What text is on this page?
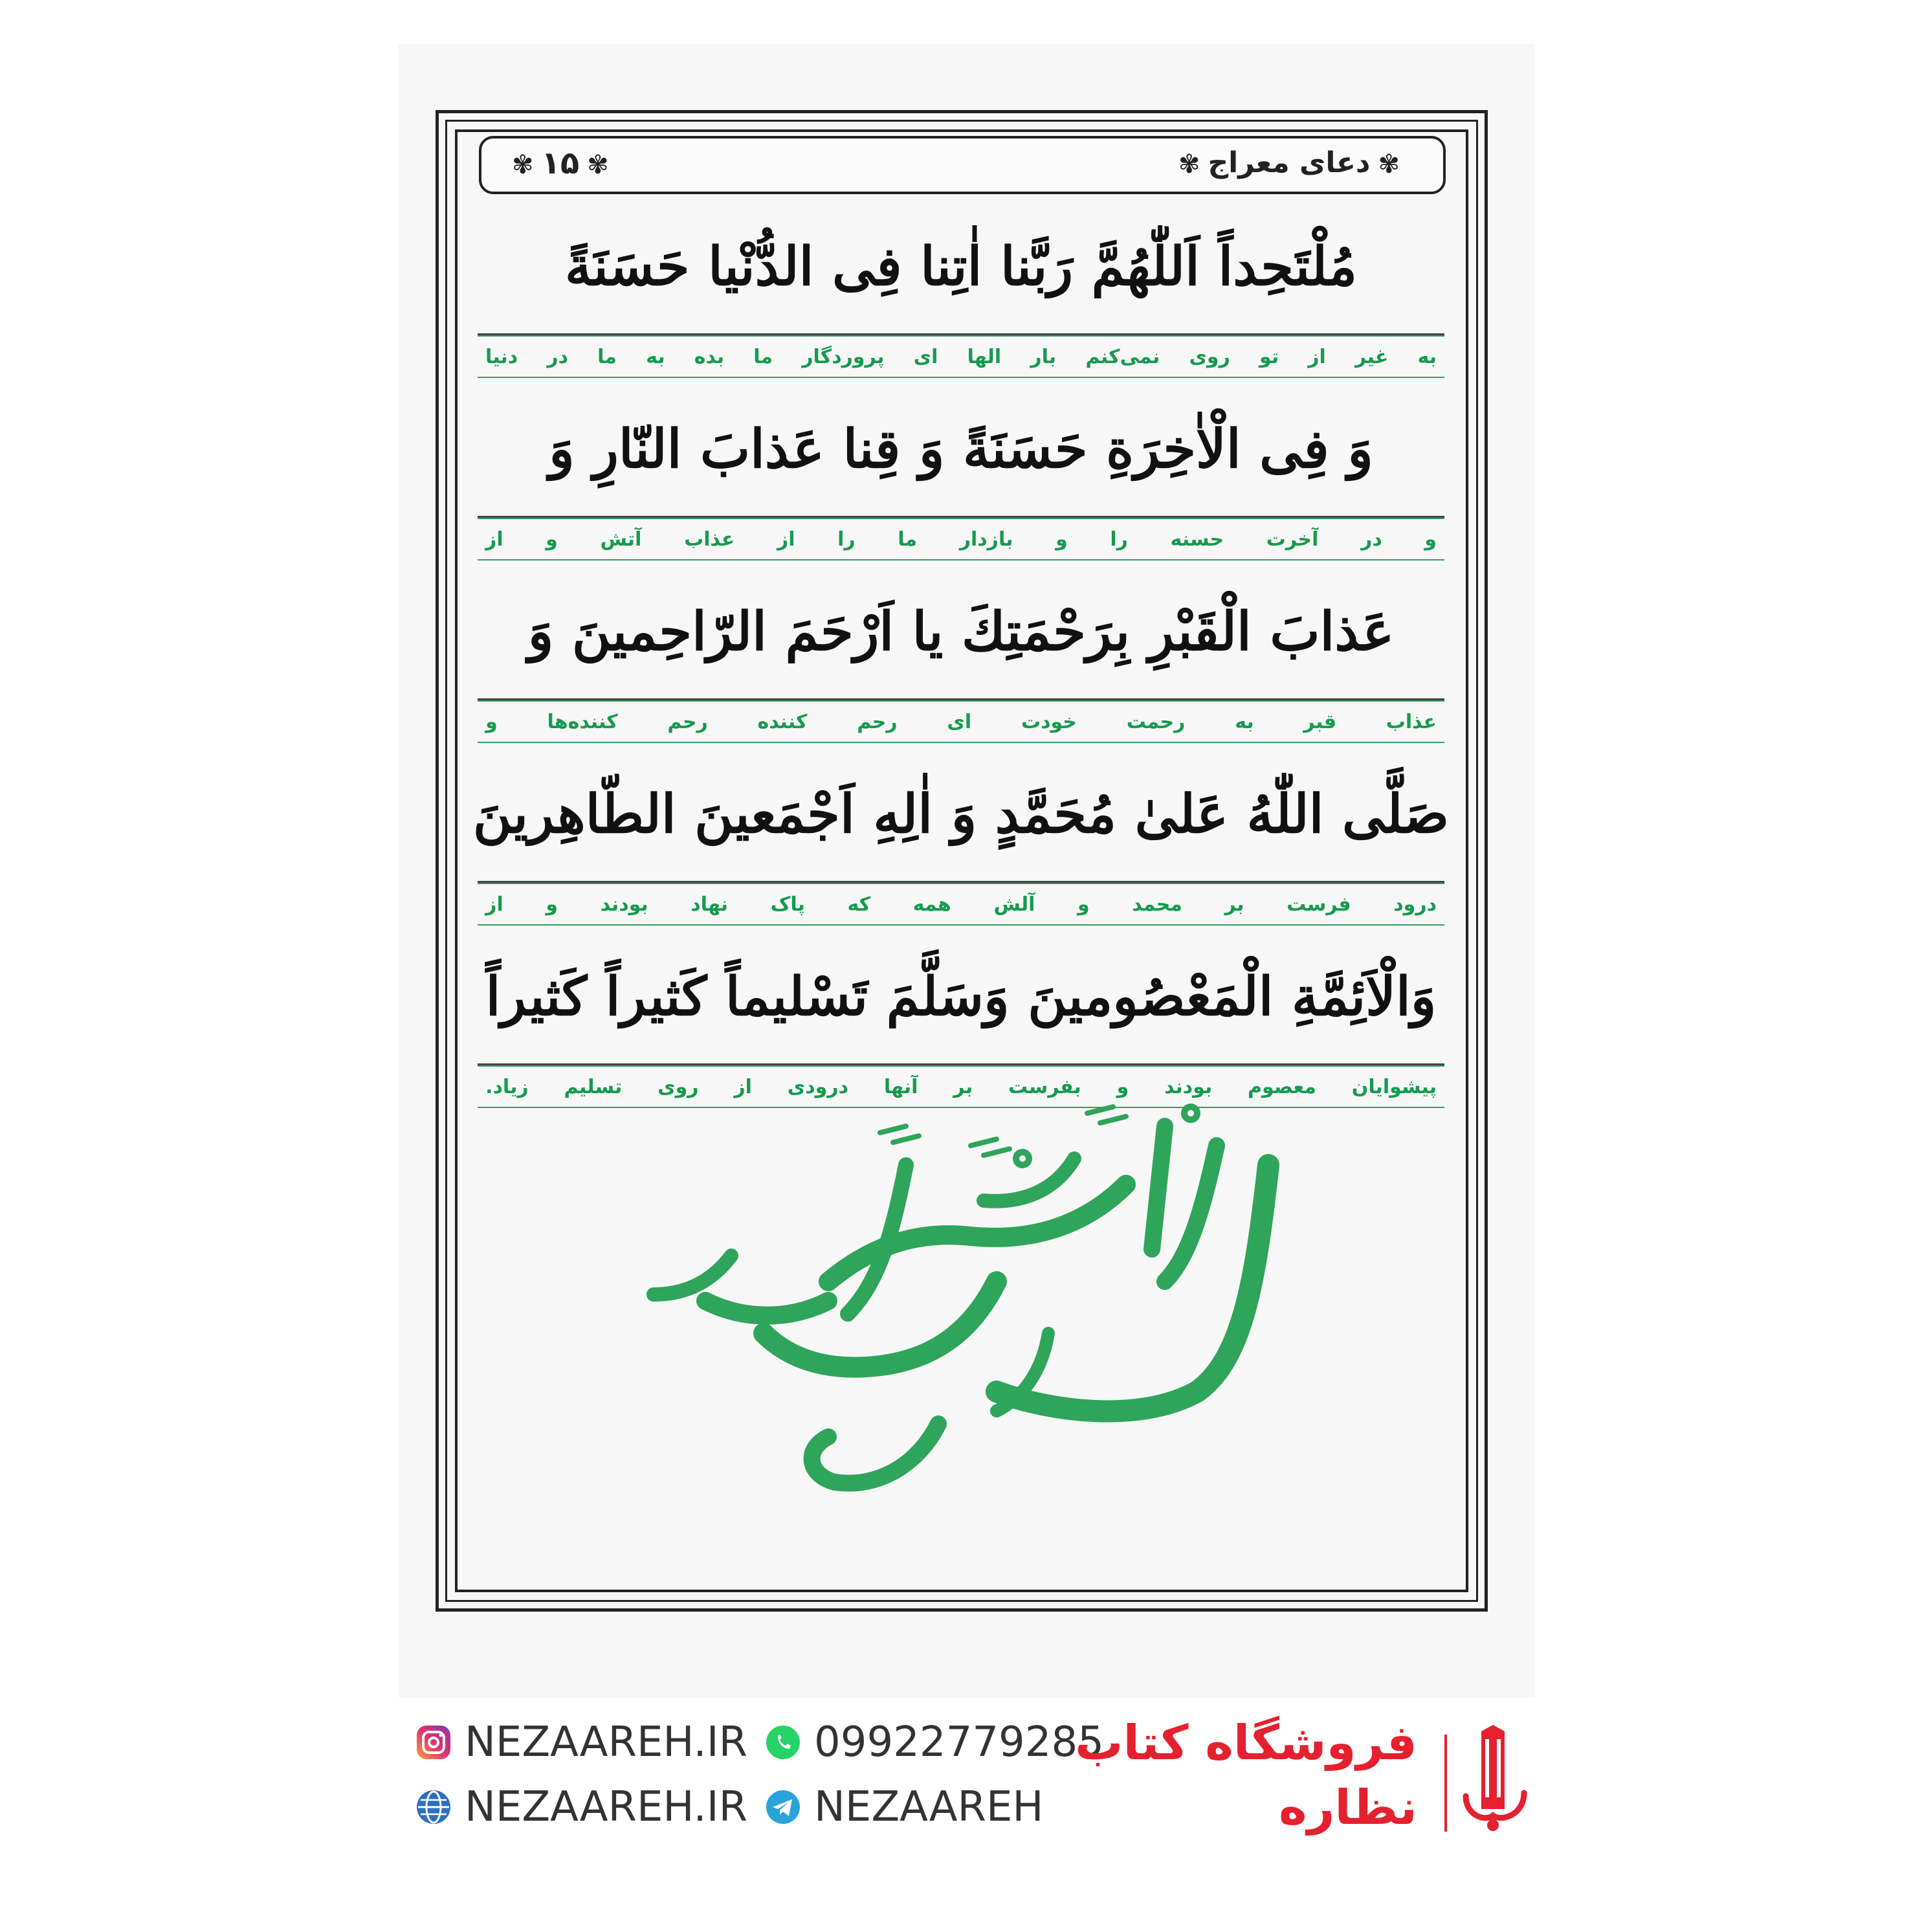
✾دعای معراج✾
✾ ۱۵ ✾
مُلْتَحِداً اَللّٰهُمَّ رَبَّنا اٰتِنا فِی الدُّنْیا حَسَنَةً
به
غیر
از
تو
روی
نمی‌کنم
بار
الها
ای
پروردگار
ما
بده
به
ما
در
دنیا
وَ فِی الْاٰخِرَةِ حَسَنَةً وَ قِنا عَذابَ النّارِ وَ
و
در
آخرت
حسنه
را
و
بازدار
ما
را
از
عذاب
آتش
و
از
عَذابَ الْقَبْرِ بِرَحْمَتِكَ یا اَرْحَمَ الرّاحِمینَ وَ
عذاب
قبر
به
رحمت
خودت
ای
رحم
کننده
رحم
کننده‌ها
و
صَلَّی اللّٰهُ عَلیٰ مُحَمَّدٍ وَ اٰلِهِ اَجْمَعینَ الطّاهِرینَ
درود
فرست
بر
محمد
و
آلش
همه
که
پاک
نهاد
بودند
و
از
وَالْاَئِمَّةِ الْمَعْصُومینَ وَسَلَّمَ تَسْلیماً كَثیراً كَثیراً
پیشوایان
معصوم
بودند
و
بفرست
بر
آنها
درودی
از
روی
تسلیم
زیاد.
NEZAAREH.IR 09922779285
NEZAAREH.IR NEZAAREH
فروشگاه کتاب
نظاره
